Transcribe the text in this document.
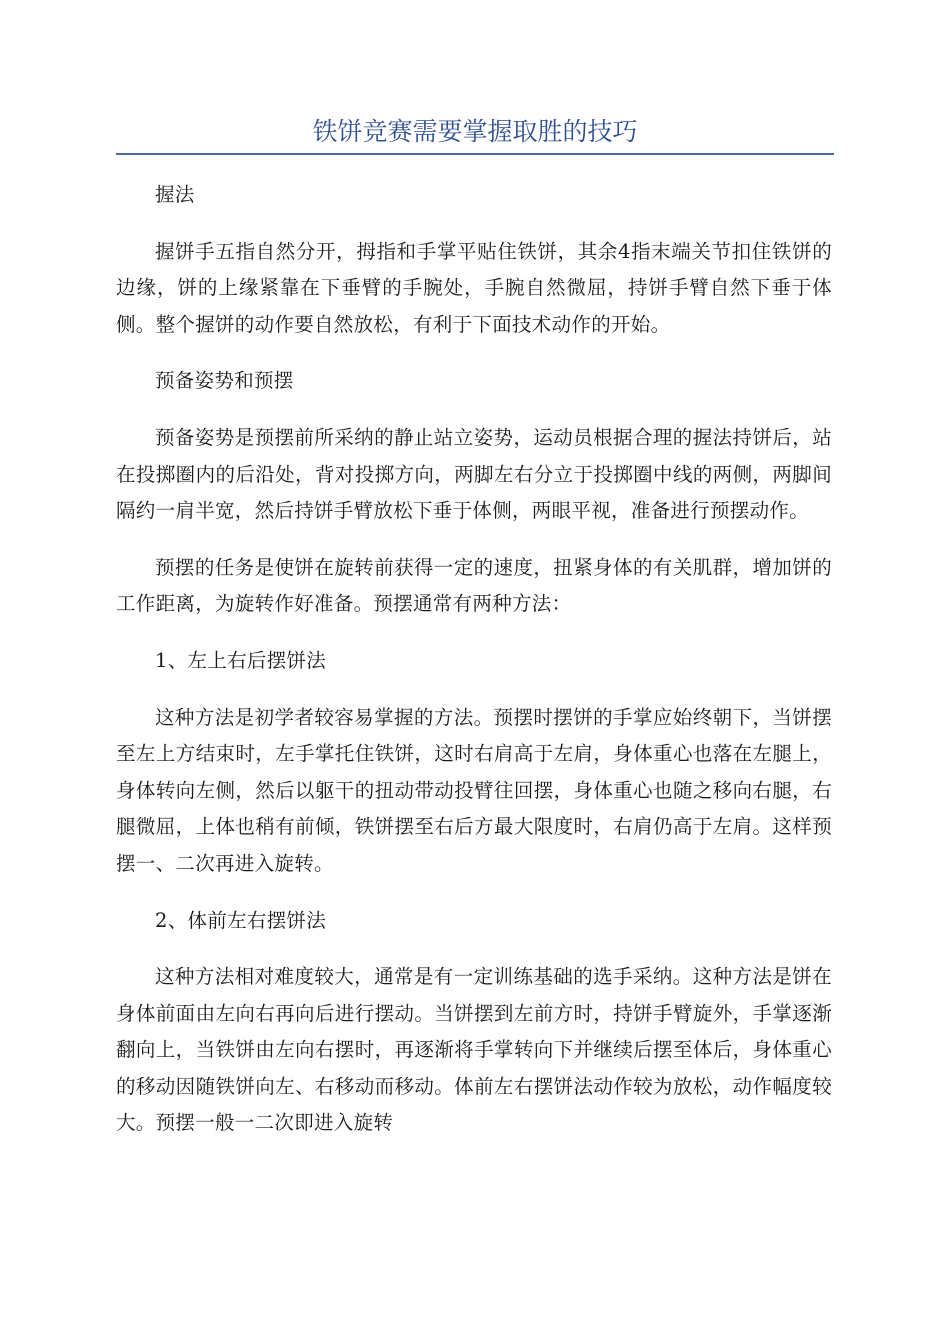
铁饼竞赛需要掌握取胜的技巧

握法

握饼手五指自然分开，拇指和手掌平贴住铁饼，其余4指末端关节扣住铁饼的边缘，饼的上缘紧靠在下垂臂的手腕处，手腕自然微屈，持饼手臂自然下垂于体侧。整个握饼的动作要自然放松，有利于下面技术动作的开始。

预备姿势和预摆

预备姿势是预摆前所采纳的静止站立姿势，运动员根据合理的握法持饼后，站在投掷圈内的后沿处，背对投掷方向，两脚左右分立于投掷圈中线的两侧，两脚间隔约一肩半宽，然后持饼手臂放松下垂于体侧，两眼平视，准备进行预摆动作。

预摆的任务是使饼在旋转前获得一定的速度，扭紧身体的有关肌群，增加饼的工作距离，为旋转作好准备。预摆通常有两种方法：

1、左上右后摆饼法

这种方法是初学者较容易掌握的方法。预摆时摆饼的手掌应始终朝下，当饼摆至左上方结束时，左手掌托住铁饼，这时右肩高于左肩，身体重心也落在左腿上，身体转向左侧，然后以躯干的扭动带动投臂往回摆，身体重心也随之移向右腿，右腿微屈，上体也稍有前倾，铁饼摆至右后方最大限度时，右肩仍高于左肩。这样预摆一、二次再进入旋转。

2、体前左右摆饼法

这种方法相对难度较大，通常是有一定训练基础的选手采纳。这种方法是饼在身体前面由左向右再向后进行摆动。当饼摆到左前方时，持饼手臂旋外，手掌逐渐翻向上，当铁饼由左向右摆时，再逐渐将手掌转向下并继续后摆至体后，身体重心的移动因随铁饼向左、右移动而移动。体前左右摆饼法动作较为放松，动作幅度较大。预摆一般一二次即进入旋转
